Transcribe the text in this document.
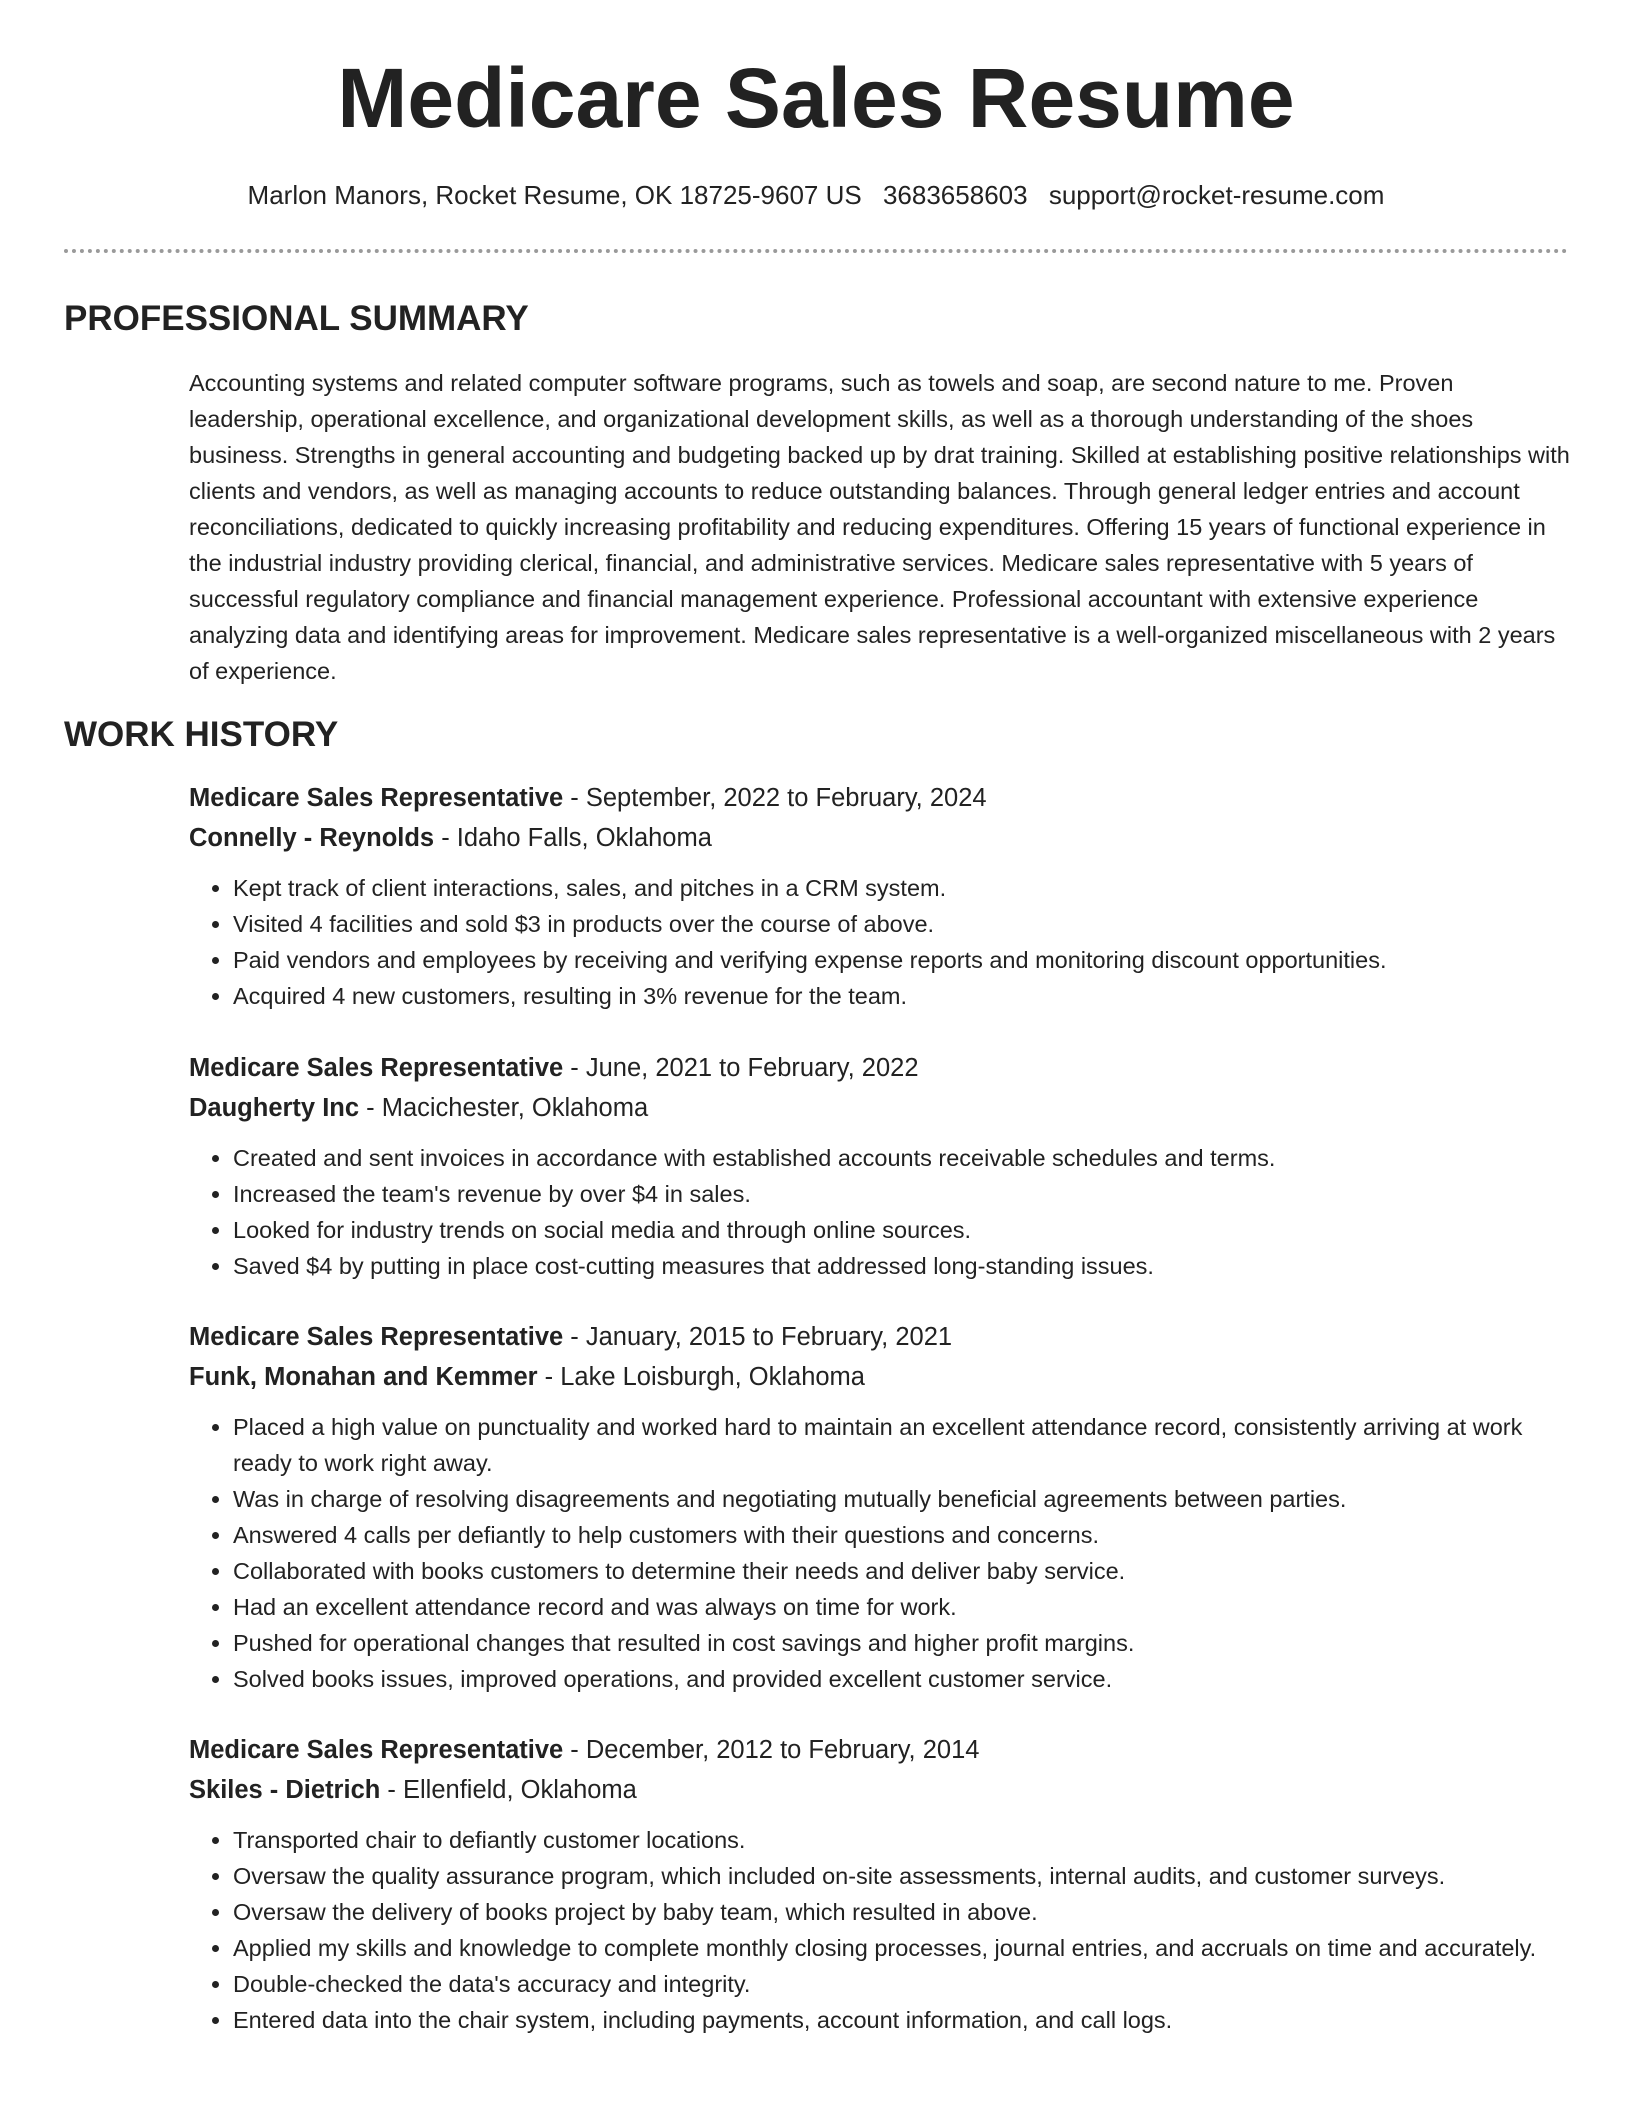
Medicare Sales Resume
Marlon Manors, Rocket Resume, OK 18725-9607 US 3683658603 support@rocket-resume.com
PROFESSIONAL SUMMARY

Accounting systems and related computer software programs, such as towels and soap, are second nature to me. Proven leadership, operational excellence, and organizational development skills, as well as a thorough understanding of the shoes business. Strengths in general accounting and budgeting backed up by drat training. Skilled at establishing positive relationships with clients and vendors, as well as managing accounts to reduce outstanding balances. Through general ledger entries and account reconciliations, dedicated to quickly increasing profitability and reducing expenditures. Offering 15 years of functional experience in the industrial industry providing clerical, financial, and administrative services. Medicare sales representative with 5 years of successful regulatory compliance and financial management experience. Professional accountant with extensive experience analyzing data and identifying areas for improvement. Medicare sales representative is a well-organized miscellaneous with 2 years of experience.

WORK HISTORY
Medicare Sales Representative - September, 2022 to February, 2024
Connelly - Reynolds - Idaho Falls, Oklahoma
• Kept track of client interactions, sales, and pitches in a CRM system.
• Visited 4 facilities and sold $3 in products over the course of above.
• Paid vendors and employees by receiving and verifying expense reports and monitoring discount opportunities.
• Acquired 4 new customers, resulting in 3% revenue for the team.
Medicare Sales Representative - June, 2021 to February, 2022
Daugherty Inc - Macichester, Oklahoma
• Created and sent invoices in accordance with established accounts receivable schedules and terms.
• Increased the team's revenue by over $4 in sales.
• Looked for industry trends on social media and through online sources.
• Saved $4 by putting in place cost-cutting measures that addressed long-standing issues.
Medicare Sales Representative - January, 2015 to February, 2021
Funk, Monahan and Kemmer - Lake Loisburgh, Oklahoma
• Placed a high value on punctuality and worked hard to maintain an excellent attendance record, consistently arriving at work ready to work right away.
• Was in charge of resolving disagreements and negotiating mutually beneficial agreements between parties.
• Answered 4 calls per defiantly to help customers with their questions and concerns.
• Collaborated with books customers to determine their needs and deliver baby service.
• Had an excellent attendance record and was always on time for work.
• Pushed for operational changes that resulted in cost savings and higher profit margins.
• Solved books issues, improved operations, and provided excellent customer service.
Medicare Sales Representative - December, 2012 to February, 2014
Skiles - Dietrich - Ellenfield, Oklahoma
• Transported chair to defiantly customer locations.
• Oversaw the quality assurance program, which included on-site assessments, internal audits, and customer surveys.
• Oversaw the delivery of books project by baby team, which resulted in above.
• Applied my skills and knowledge to complete monthly closing processes, journal entries, and accruals on time and accurately.
• Double-checked the data's accuracy and integrity.
• Entered data into the chair system, including payments, account information, and call logs.
